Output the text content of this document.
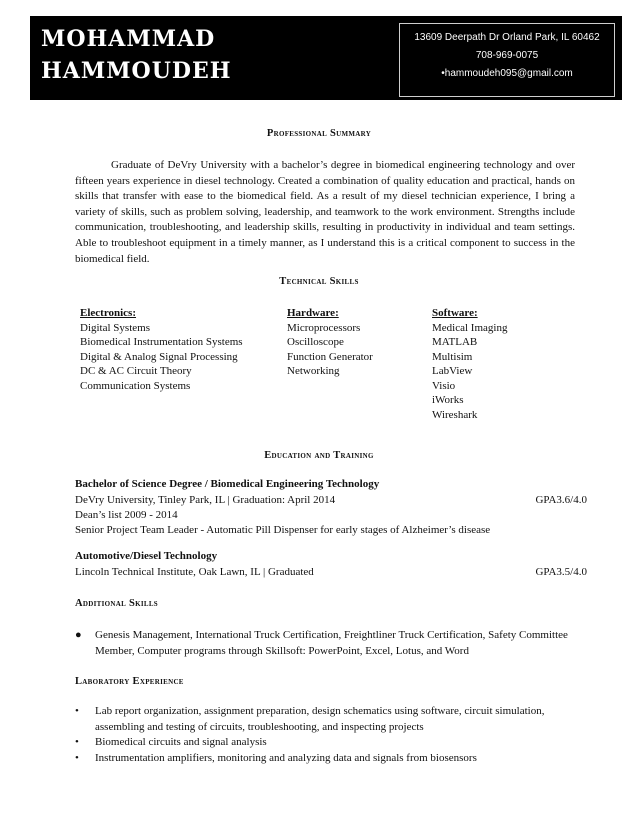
MOHAMMAD
HAMMOUDEH
13609 Deerpath Dr Orland Park, IL 60462
708-969-0075
•hammoudeh095@gmail.com
Professional Summary
Graduate of DeVry University with a bachelor’s degree in biomedical engineering technology and over fifteen years experience in diesel technology. Created a combination of quality education and practical, hands on skills that transfer with ease to the biomedical field. As a result of my diesel technician experience, I bring a variety of skills, such as problem solving, leadership, and teamwork to the work environment. Strengths include communication, troubleshooting, and leadership skills, resulting in productivity in individual and team settings. Able to troubleshoot equipment in a timely manner, as I understand this is a critical component to success in the biomedical field.
Technical Skills
Electronics:
Digital Systems
Biomedical Instrumentation Systems
Digital & Analog Signal Processing
DC & AC Circuit Theory
Communication Systems
Hardware:
Microprocessors
Oscilloscope
Function Generator
Networking
Software:
Medical Imaging
MATLAB
Multisim
LabView
Visio
iWorks
Wireshark
Education and Training
Bachelor of Science Degree / Biomedical Engineering Technology
DeVry University, Tinley Park, IL | Graduation: April 2014	GPA3.6/4.0
Dean’s list 2009 - 2014
Senior Project Team Leader - Automatic Pill Dispenser for early stages of Alzheimer’s disease
Automotive/Diesel Technology
Lincoln Technical Institute, Oak Lawn, IL | Graduated	GPA3.5/4.0
Additional Skills
● Genesis Management, International Truck Certification, Freightliner Truck Certification, Safety Committee Member, Computer programs through Skillsoft: PowerPoint, Excel, Lotus, and Word
Laboratory Experience
• Lab report organization, assignment preparation, design schematics using software, circuit simulation, assembling and testing of circuits, troubleshooting, and inspecting projects
• Biomedical circuits and signal analysis
• Instrumentation amplifiers, monitoring and analyzing data and signals from biosensors
